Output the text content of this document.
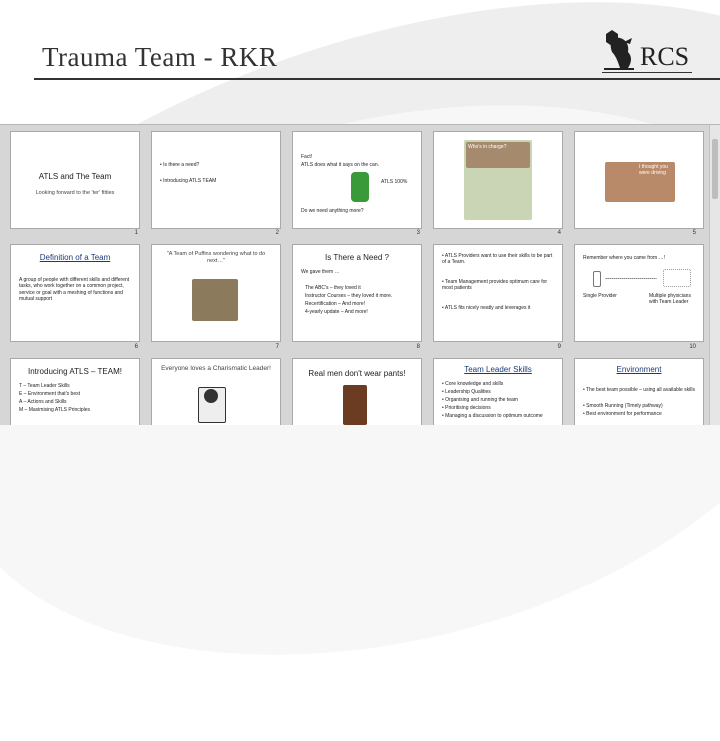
Trauma Team - RKR	RCS
ATLS and The Team
Looking forward to the 'ter' fitties
1
• Is there a need?
• Introducing ATLS TEAM
2
Fact!
ATLS does what it says on the can.
ATLS 100%
Do we need anything more?
3
Who's in charge?
4
I thought you were driving
5
Definition of a Team
A group of people with different skills and different tasks, who work together on a common project, service or goal with a meshing of functions and mutual support
6
"A Team of Puffins wondering what to do next…"
7
Is There a Need ?
We gave them …
The ABC's – they loved it
Instructor Courses – they loved it more.
Recertification – And more!
4-yearly update – And more!
8
• ATLS Providers want to use their skills to be part of a Team.
• Team Management provides optimum care for most patients
• ATLS fits nicely neatly and leverages it
9
Remember where you came from …!
Single Provider	Multiple physicians with Team Leader
10
Introducing ATLS – TEAM!
T – Team Leader Skills
E – Environment that's best
A – Actions and Skills
M – Maximising ATLS Principles
Everyone loves a Charismatic Leader!
Real men don't wear pants!	Team Leader Skills
• Core knowledge and skills
• Leadership Qualities
• Organising and running the team
• Prioritising decisions
• Managing a discussion to optimum outcome
Environment
• The best team possible – using all available skills
• Smooth Running (Timely pathway)
• Best environment for performance
